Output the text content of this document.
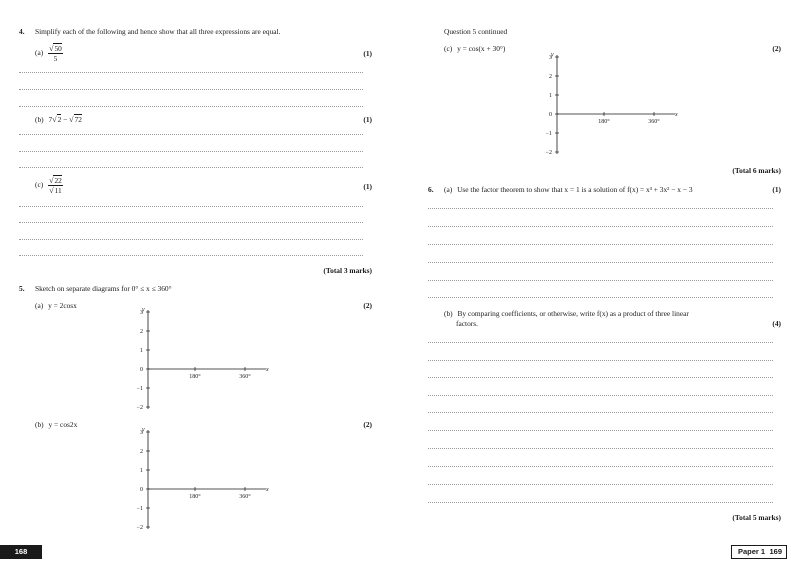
4. Simplify each of the following and hence show that all three expressions are equal.
$(a) \frac{√50}{5}$	(1)
(b) 7√2 − √72	(1)
$(c) \frac{√22}{√11}$	(1)
(Total 3 marks)
5. Sketch on separate diagrams for 0° ≤ x ≤ 360°
(a) y = 2cosx	(2)
3
2
1
0
−1
−2
180°	360°
y
x
(b) y = cos2x	(2)
3
2
1
0
−1
−2
180°	360°
y
x
168
Question 5 continued
(c) y = cos(x + 30°)	(2)
3
2
1
0
−1
−2
180°	360°
y
x
(Total 6 marks)
6. (a) Use the factor theorem to show that x = 1 is a solution of f(x) = x³ + 3x² − x − 3	(1)
(b) By comparing coefficients, or otherwise, write f(x) as a product of three linear
factors.	(4)
(Total 5 marks)
Paper 1 169
